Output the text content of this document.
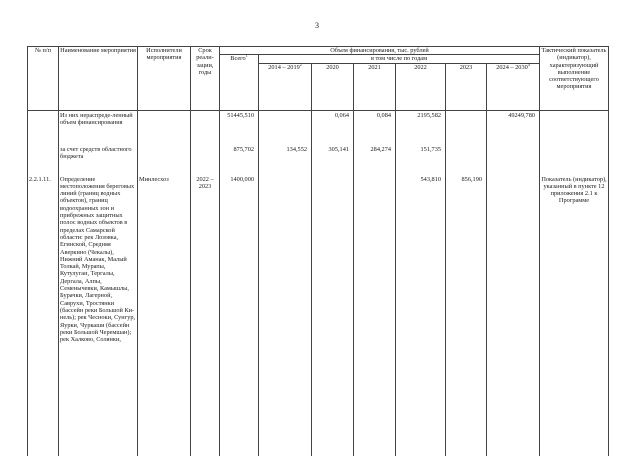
3
№ п/п	Наименование мероприятия	Исполнители мероприятия	Срок реали-зации, годы	Объем финансирования, тыс. рублей							Тактический показатель (индикатор), характеризующий выполнение соответствующего мероприятия
				Всего$^1$	в том числе по годам						
					2014 – 2019$^2$	2020	2021	2022	2023	2024 – 2030$^4$
	Из них нераспреде-ленный объем финансирования			51445,510		0,064	0,084	2195,582		49249,780	
	за счет средств областного бюджета			875,702	134,552	305,141	284,274	151,735			
2.2.1.11.	Определение местоположения береговых линий (границ водных объектов), границ водоохранных зон и прибрежных защитных полос водных объектов в пределах Самарской области: рек Лозовка, Егинской, Средняя Аверкино (Чекалы), Нижний Аманак, Малый Толкай, Мурапы, Кутулуган, Тергалы, Дергала, Алпы, Семенычевки, Камышлы, Бурачки, Лагерной, Саврухи, Тростянки (бассейн реки Большой Ки-нель); рек Чесноки, Сунгур, Яурки, Чуркаши (бассейн реки Большой Черемшан); рек Халково, Солянки,	Минлесхоз	2022 – 2023	1400,000				543,810	856,190		Показатель (индикатор), указанный в пункте 12 приложения 2.1 к Программе
